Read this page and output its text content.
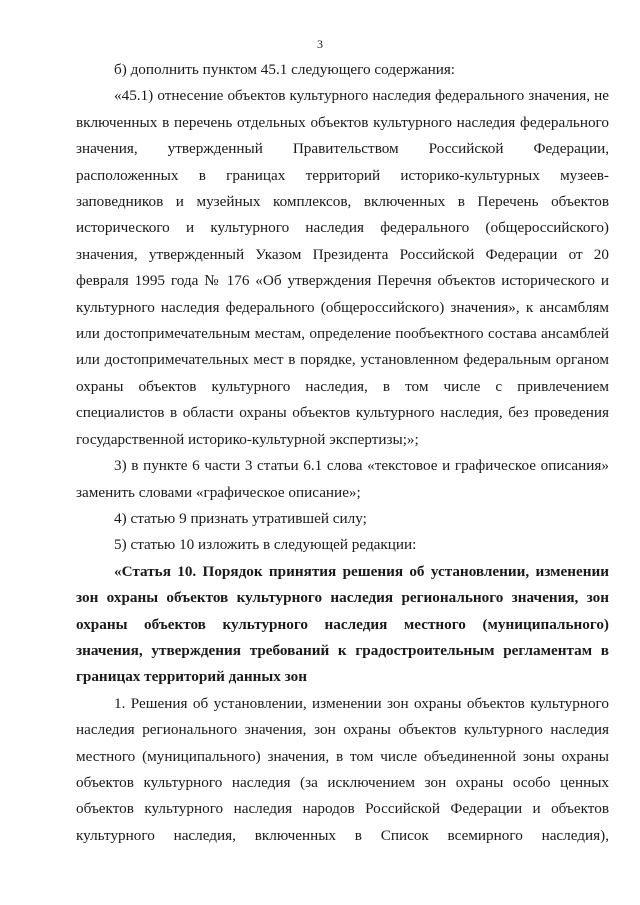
3

б) дополнить пунктом 45.1 следующего содержания:

«45.1) отнесение объектов культурного наследия федерального значения, не включенных в перечень отдельных объектов культурного наследия федерального значения, утвержденный Правительством Российской Федерации, расположенных в границах территорий историко-культурных музеев-заповедников и музейных комплексов, включенных в Перечень объектов исторического и культурного наследия федерального (общероссийского) значения, утвержденный Указом Президента Российской Федерации от 20 февраля 1995 года № 176 «Об утверждения Перечня объектов исторического и культурного наследия федерального (общероссийского) значения», к ансамблям или достопримечательным местам, определение пообъектного состава ансамблей или достопримечательных мест в порядке, установленном федеральным органом охраны объектов культурного наследия, в том числе с привлечением специалистов в области охраны объектов культурного наследия, без проведения государственной историко-культурной экспертизы;»;

3) в пункте 6 части 3 статьи 6.1 слова «текстовое и графическое описания» заменить словами «графическое описание»;

4) статью 9 признать утратившей силу;

5) статью 10 изложить в следующей редакции:

«Статья 10. Порядок принятия решения об установлении, изменении зон охраны объектов культурного наследия регионального значения, зон охраны объектов культурного наследия местного (муниципального) значения, утверждения требований к градостроительным регламентам в границах территорий данных зон

1. Решения об установлении, изменении зон охраны объектов культурного наследия регионального значения, зон охраны объектов культурного наследия местного (муниципального) значения, в том числе объединенной зоны охраны объектов культурного наследия (за исключением зон охраны особо ценных объектов культурного наследия народов Российской Федерации и объектов культурного наследия, включенных в Список всемирного наследия),
